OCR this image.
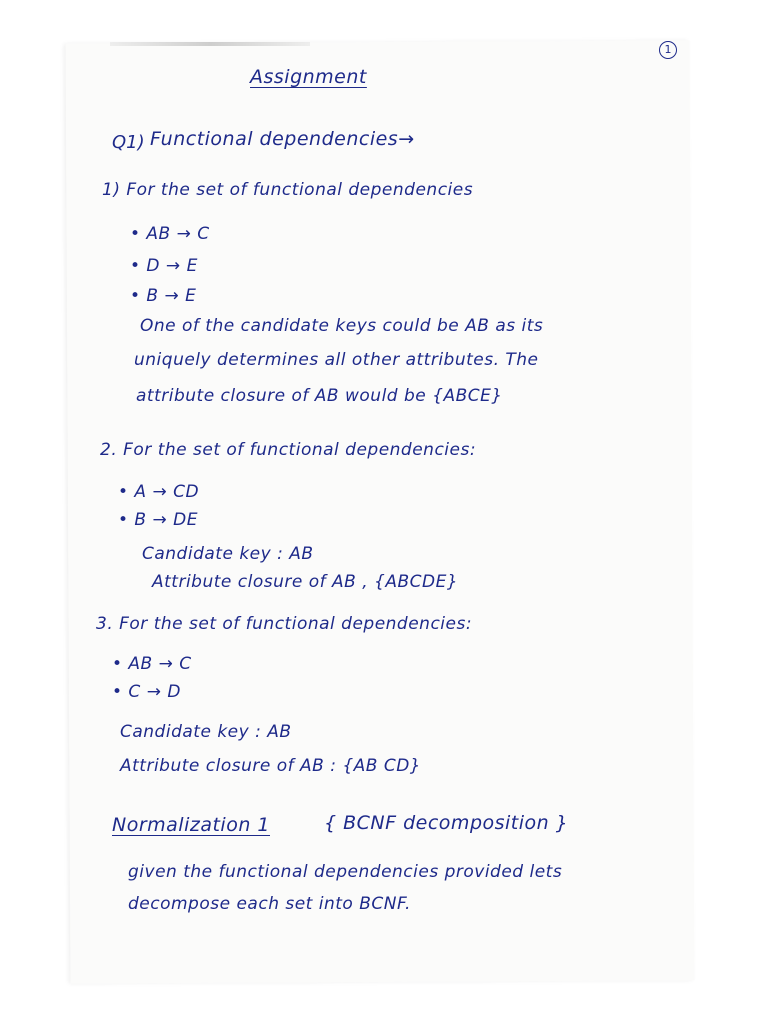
1
Assignment
Q1) Functional dependencies→
1) For the set of functional dependencies
• AB → C
• D → E
• B → E
One of the candidate keys could be AB as its
uniquely determines all other attributes. The
attribute closure of AB would be {ABCE}
2. For the set of functional dependencies:
• A → CD
• B → DE
Candidate key : AB
Attribute closure of AB , {ABCDE}
3. For the set of functional dependencies:
• AB → C
• C → D
Candidate key : AB
Attribute closure of AB : {AB CD}
Normalization 1	{ BCNF decomposition }
given the functional dependencies provided lets
decompose each set into BCNF.
